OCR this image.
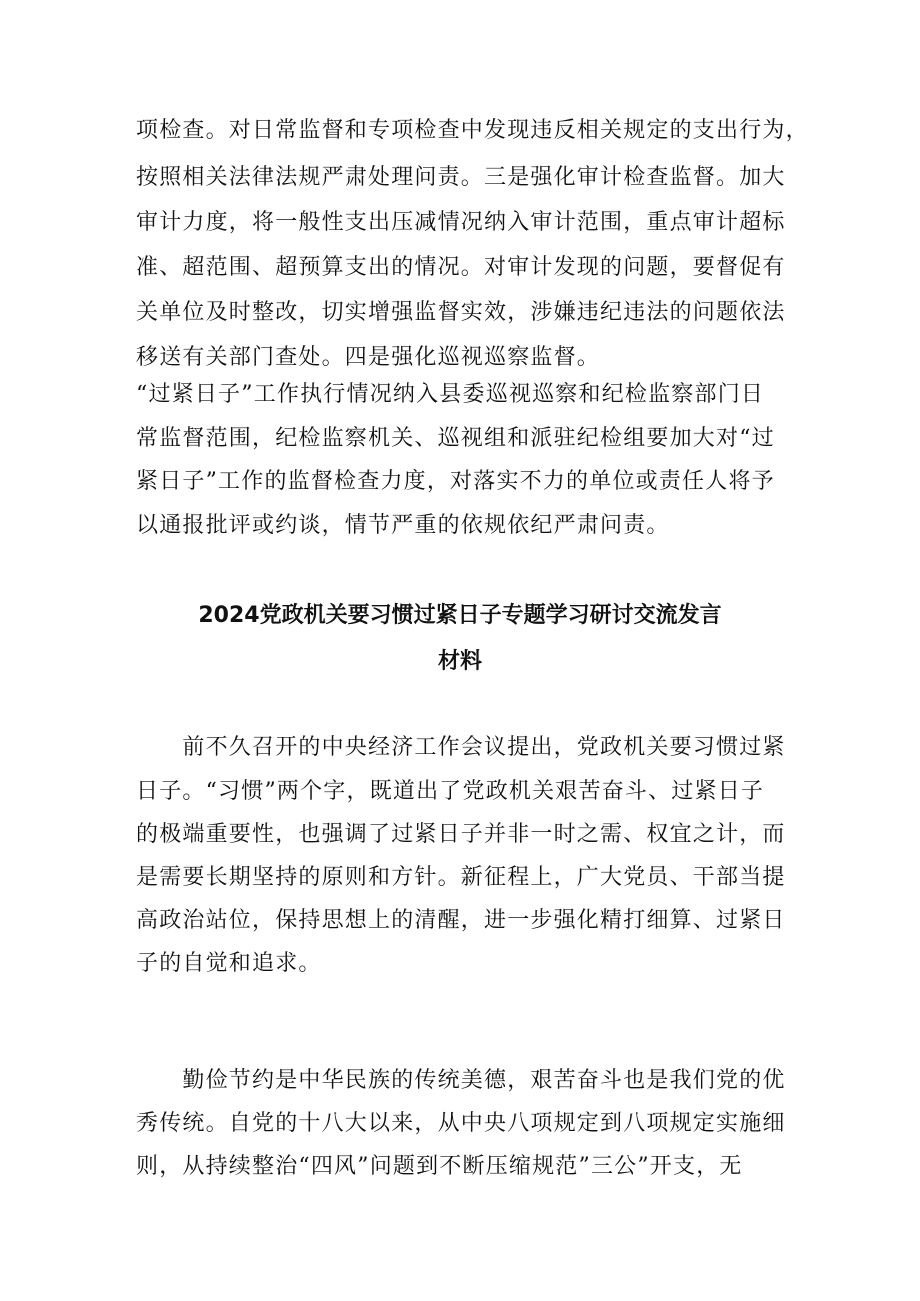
项检查。对日常监督和专项检查中发现违反相关规定的支出行为，
按照相关法律法规严肃处理问责。三是强化审计检查监督。加大
审计力度，将一般性支出压减情况纳入审计范围，重点审计超标
准、超范围、超预算支出的情况。对审计发现的问题，要督促有
关单位及时整改，切实增强监督实效，涉嫌违纪违法的问题依法
移送有关部门查处。四是强化巡视巡察监督。
“过紧日子”工作执行情况纳入县委巡视巡察和纪检监察部门日
常监督范围，纪检监察机关、巡视组和派驻纪检组要加大对“过
紧日子”工作的监督检查力度，对落实不力的单位或责任人将予
以通报批评或约谈，情节严重的依规依纪严肃问责。
2024党政机关要习惯过紧日子专题学习研讨交流发言
材料
　　前不久召开的中央经济工作会议提出，党政机关要习惯过紧
日子。“习惯”两个字，既道出了党政机关艰苦奋斗、过紧日子
的极端重要性，也强调了过紧日子并非一时之需、权宜之计，而
是需要长期坚持的原则和方针。新征程上，广大党员、干部当提
高政治站位，保持思想上的清醒，进一步强化精打细算、过紧日
子的自觉和追求。
　　勤俭节约是中华民族的传统美德，艰苦奋斗也是我们党的优
秀传统。自党的十八大以来，从中央八项规定到八项规定实施细
则，从持续整治“四风”问题到不断压缩规范”三公”开支，无
